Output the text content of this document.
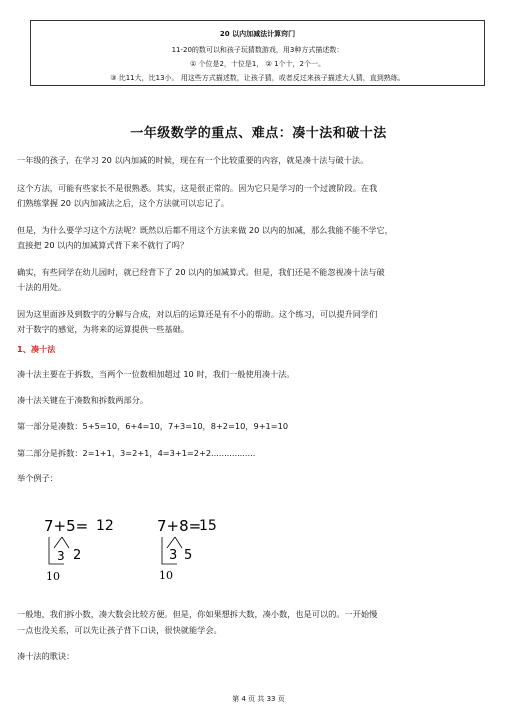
20 以内加减法计算窍门
11-20的数可以和孩子玩猜数游戏，用3种方式描述数：
① 个位是2，十位是1， ② 1个十，2个一。
③ 比11大，比13小。 用这些方式描述数，让孩子猜，或者反过来孩子描述大人猜，直到熟练。
一年级数学的重点、难点：凑十法和破十法
一年级的孩子，在学习 20 以内加减的时候，现在有一个比较重要的内容，就是凑十法与破十法。
这个方法，可能有些家长不是很熟悉。其实，这是很正常的。因为它只是学习的一个过渡阶段。在我
们熟练掌握 20 以内加减法之后，这个方法就可以忘记了。
但是，为什么要学习这个方法呢？既然以后都不用这个方法来做 20 以内的加减，那么我能不能不学它，
直接把 20 以内的加减算式背下来不就行了吗？
确实，有些同学在幼儿园时，就已经背下了 20 以内的加减算式。但是，我们还是不能忽视凑十法与破
十法的用处。
因为这里面涉及到数字的分解与合成，对以后的运算还是有不小的帮助。这个练习，可以提升同学们
对于数字的感觉，为将来的运算提供一些基础。
1、凑十法
凑十法主要在于拆数，当两个一位数相加超过 10 时，我们一般使用凑十法。
凑十法关键在于凑数和拆数两部分。
第一部分是凑数：5+5=10，6+4=10，7+3=10，8+2=10，9+1=10
第二部分是拆数：2=1+1，3=2+1，4=3+1=2+2.................
举个例子：
7+5= 12
3 2
10
7+8=
15
3 5
10
一般地，我们拆小数，凑大数会比较方便。但是，你如果想拆大数，凑小数，也是可以的。一开始慢
一点也没关系，可以先让孩子背下口诀，很快就能学会。
凑十法的歌诀：
第 4 页 共 33 页
